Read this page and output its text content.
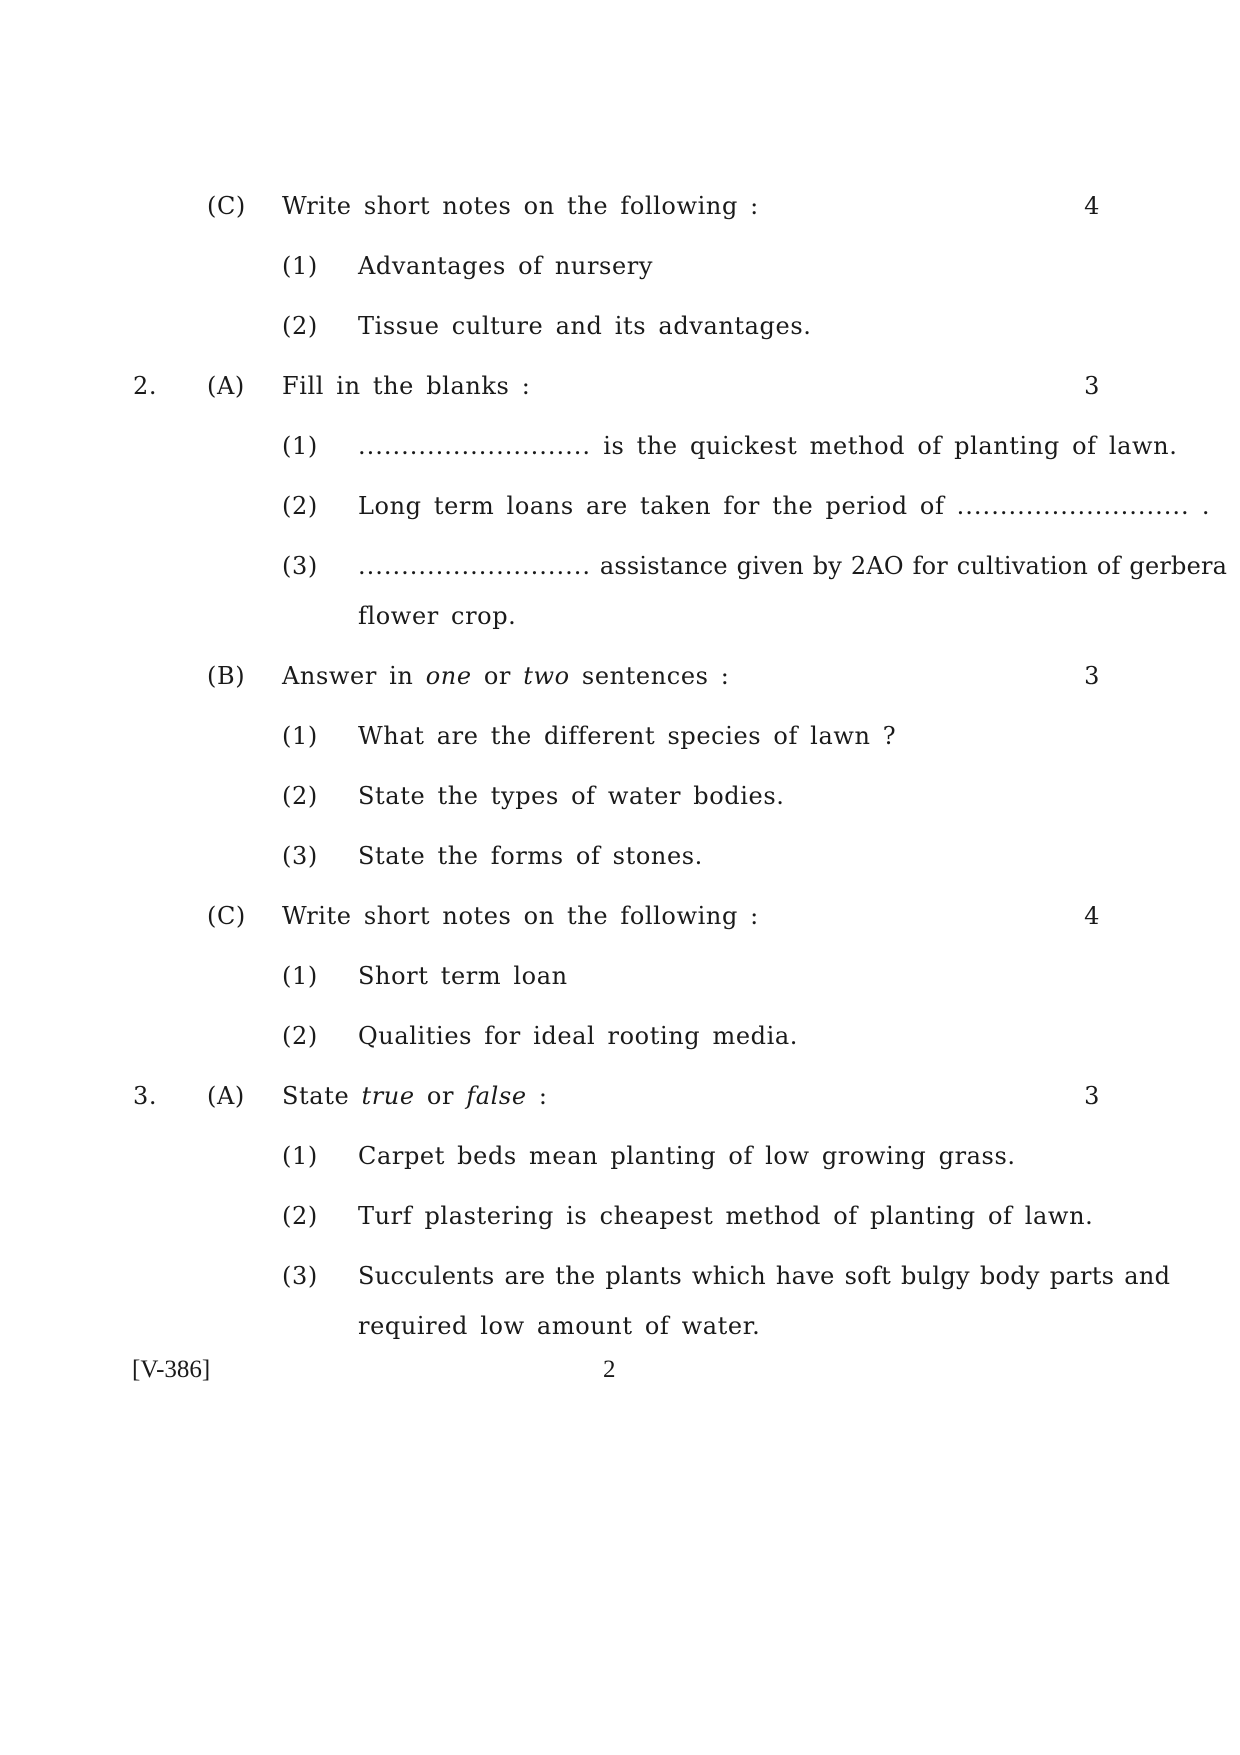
(C) Write short notes on the following :	4
(1) Advantages of nursery
(2) Tissue culture and its advantages.
2. (A) Fill in the blanks :	3
(1) ........................... is the quickest method of planting of lawn.
(2) Long term loans are taken for the period of ........................... .
(3) ........................... assistance given by 2AO for cultivation of gerbera
flower crop.
(B) Answer in one or two sentences :	3
(1) What are the different species of lawn ?
(2) State the types of water bodies.
(3) State the forms of stones.
(C) Write short notes on the following :	4
(1) Short term loan
(2) Qualities for ideal rooting media.
3. (A) State true or false :	3
(1) Carpet beds mean planting of low growing grass.
(2) Turf plastering is cheapest method of planting of lawn.
(3) Succulents are the plants which have soft bulgy body parts and
required low amount of water.
[V-386]	2
